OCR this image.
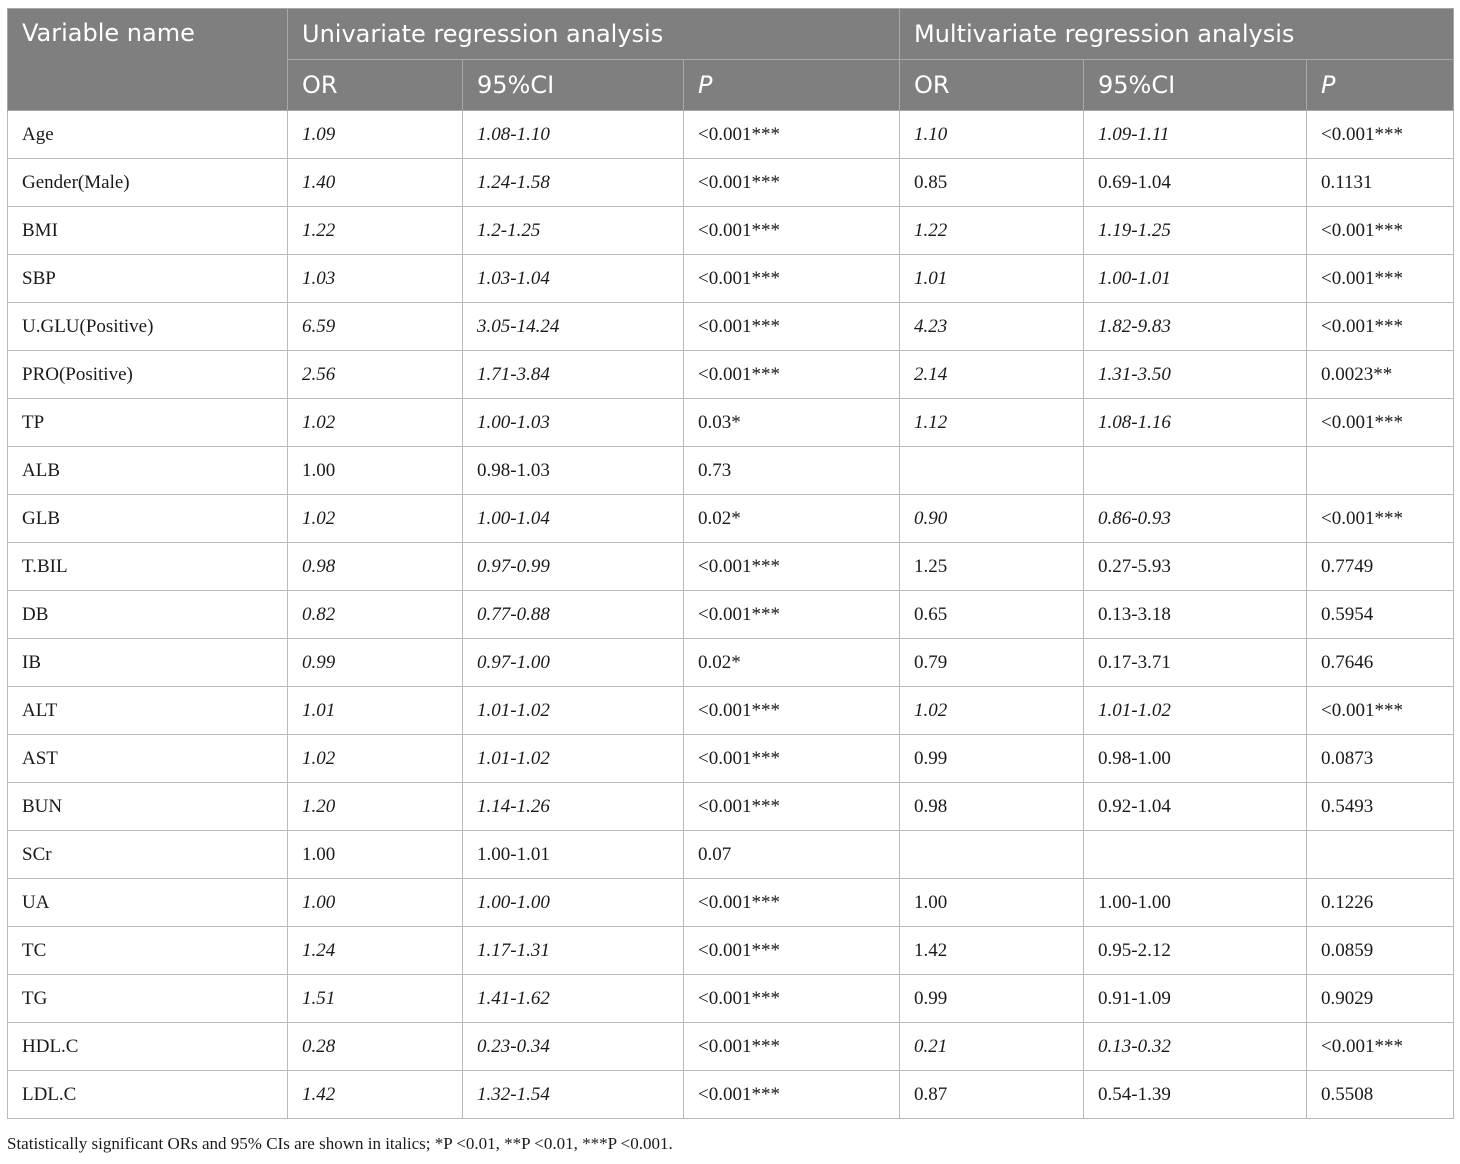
Variable name	Univariate regression analysis			Multivariate regression analysis		
	OR	95%CI	P	OR	95%CI	P
Age	1.09	1.08-1.10	<0.001***	1.10	1.09-1.11	<0.001***
Gender(Male)	1.40	1.24-1.58	<0.001***	0.85	0.69-1.04	0.1131
BMI	1.22	1.2-1.25	<0.001***	1.22	1.19-1.25	<0.001***
SBP	1.03	1.03-1.04	<0.001***	1.01	1.00-1.01	<0.001***
U.GLU(Positive)	6.59	3.05-14.24	<0.001***	4.23	1.82-9.83	<0.001***
PRO(Positive)	2.56	1.71-3.84	<0.001***	2.14	1.31-3.50	0.0023**
TP	1.02	1.00-1.03	0.03*	1.12	1.08-1.16	<0.001***
ALB	1.00	0.98-1.03	0.73			
GLB	1.02	1.00-1.04	0.02*	0.90	0.86-0.93	<0.001***
T.BIL	0.98	0.97-0.99	<0.001***	1.25	0.27-5.93	0.7749
DB	0.82	0.77-0.88	<0.001***	0.65	0.13-3.18	0.5954
IB	0.99	0.97-1.00	0.02*	0.79	0.17-3.71	0.7646
ALT	1.01	1.01-1.02	<0.001***	1.02	1.01-1.02	<0.001***
AST	1.02	1.01-1.02	<0.001***	0.99	0.98-1.00	0.0873
BUN	1.20	1.14-1.26	<0.001***	0.98	0.92-1.04	0.5493
SCr	1.00	1.00-1.01	0.07			
UA	1.00	1.00-1.00	<0.001***	1.00	1.00-1.00	0.1226
TC	1.24	1.17-1.31	<0.001***	1.42	0.95-2.12	0.0859
TG	1.51	1.41-1.62	<0.001***	0.99	0.91-1.09	0.9029
HDL.C	0.28	0.23-0.34	<0.001***	0.21	0.13-0.32	<0.001***
LDL.C	1.42	1.32-1.54	<0.001***	0.87	0.54-1.39	0.5508
Statistically significant ORs and 95% CIs are shown in italics; *P <0.01, **P <0.01, ***P <0.001.
